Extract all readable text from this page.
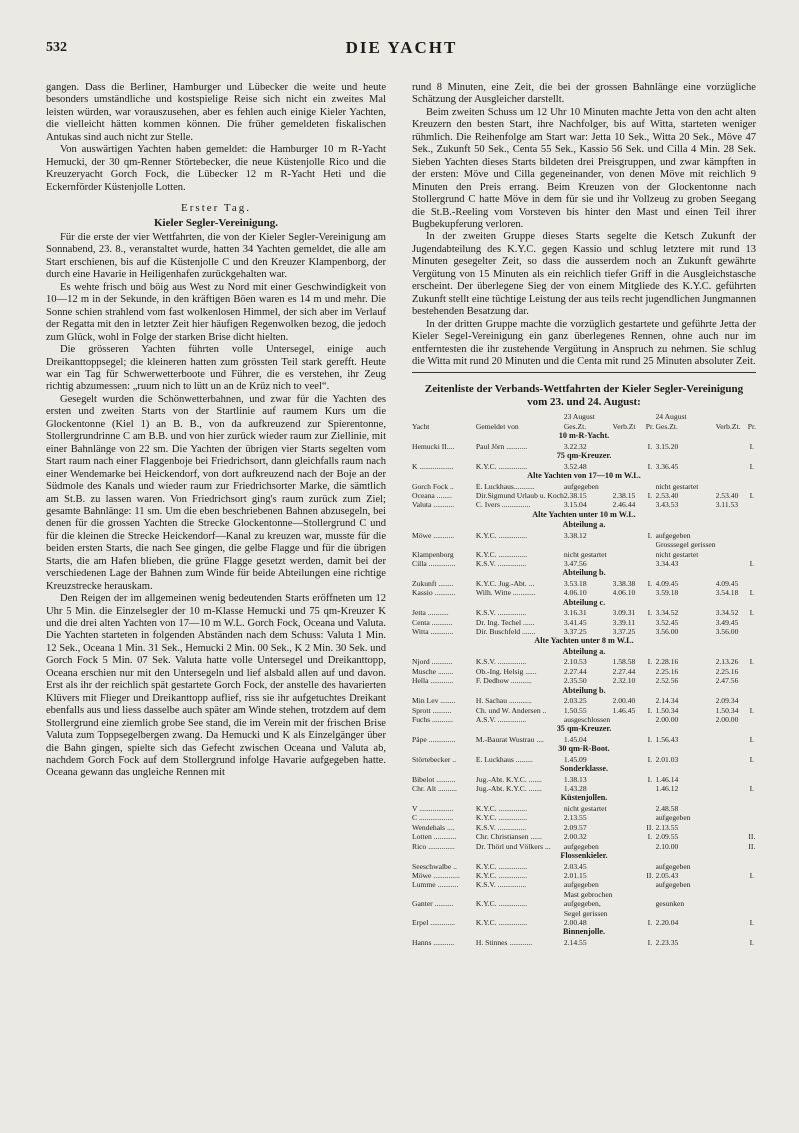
532	DIE YACHT

gangen. Dass die Berliner, Hamburger und Lübecker die weite und heute besonders umständliche und kostspielige Reise sich nicht ein zweites Mal leisten würden, war vorauszusehen, aber es fehlen auch einige Kieler Yachten, die vielleicht hätten kommen können. Die früher gemeldeten fiskalischen Antukas sind auch nicht zur Stelle.

Von auswärtigen Yachten haben gemeldet: die Hamburger 10 m R-Yacht Hemucki, der 30 qm-Renner Störtebecker, die neue Küstenjolle Rico und die Kreuzeryacht Gorch Fock, die Lübecker 12 m R-Yacht Heti und die Eckernförder Küstenjolle Lotten.

Erster Tag.
Kieler Segler-Vereinigung.

Für die erste der vier Wettfahrten, die von der Kieler Segler-Vereinigung am Sonnabend, 23. 8., veranstaltet wurde, hatten 34 Yachten gemeldet, die alle am Start erschienen, bis auf die Küstenjolle C und den Kreuzer Klampenborg, der durch eine Havarie in Heiligenhafen zurückgehalten war.

Es wehte frisch und böig aus West zu Nord mit einer Geschwindigkeit von 10—12 m in der Sekunde, in den kräftigen Böen waren es 14 m und mehr. Die Sonne schien strahlend vom fast wolkenlosen Himmel, der sich aber im Verlauf der Regatta mit den in letzter Zeit hier häufigen Regenwolken bezog, die jedoch zum Glück, wohl in Folge der starken Brise dicht hielten.

Die grösseren Yachten führten volle Untersegel, einige auch Dreikanttoppsegel; die kleineren hatten zum grössten Teil stark gerefft. Heute war ein Tag für Schwerwetterboote und Führer, die es verstehen, ihr Zeug richtig abzumessen: „ruum nich to lütt un an de Krüz nich to veel“.

Gesegelt wurden die Schönwetterbahnen, und zwar für die Yachten des ersten und zweiten Starts von der Startlinie auf raumem Kurs um die Glockentonne (Kiel 1) an B. B., von da aufkreuzend zur Spierentonne, Stollergrundrinne C am B.B. und von hier zurück wieder raum zur Ziellinie, mit einer Bahnlänge von 22 sm. Die Yachten der übrigen vier Starts segelten vom Start raum nach einer Flaggenboje bei Friedrichsort, dann gleichfalls raum nach einer Wendemarke bei Heickendorf, von dort aufkreuzend nach der Boje an der Südmole des Kanals und wieder raum zur Friedrichsorter Marke, die sämtlich am St.B. zu lassen waren. Von Friedrichsort ging's raum zurück zum Ziel; gesamte Bahnlänge: 11 sm. Um die eben beschriebenen Bahnen abzusegeln, bei denen für die grossen Yachten die Strecke Glockentonne—Stollergrund C und für die kleinen die Strecke Heickendorf—Kanal zu kreuzen war, musste für die beiden ersten Starts, die nach See gingen, die gelbe Flagge und für die übrigen Starts, die am Hafen blieben, die grüne Flagge gesetzt werden, damit bei der verschiedenen Lage der Bahnen zum Winde für beide Abteilungen eine richtige Kreuzstrecke herauskam.

Den Reigen der im allgemeinen wenig bedeutenden Starts eröffneten um 12 Uhr 5 Min. die Einzelsegler der 10 m-Klasse Hemucki und 75 qm-Kreuzer K und die drei alten Yachten von 17—10 m W.L. Gorch Fock, Oceana und Valuta. Die Yachten starteten in folgenden Abständen nach dem Schuss: Valuta 1 Min. 12 Sek., Oceana 1 Min. 31 Sek., Hemucki 2 Min. 00 Sek., K 2 Min. 30 Sek. und Gorch Fock 5 Min. 07 Sek. Valuta hatte volle Untersegel und Dreikanttopp, Oceana erschien nur mit den Untersegeln und lief alsbald allen auf und davon. Erst als ihr der reichlich spät gestartete Gorch Fock, der anstelle des havarierten Klüvers mit Flieger und Dreikanttopp auflief, riss sie ihr aufgetuchtes Dreikant ebenfalls aus und liess dasselbe auch später am Winde stehen, trotzdem auf dem Stollergrund eine ziemlich grobe See stand, die im Verein mit der frischen Brise Valuta zum Toppsegelbergen zwang. Da Hemucki und K als Einzelgänger über die Bahn gingen, spielte sich das Gefecht zwischen Oceana und Valuta ab, nachdem Gorch Fock auf dem Stollergrund infolge Havarie aufgegeben hatte. Oceana gewann das ungleiche Rennen mit

rund 8 Minuten, eine Zeit, die bei der grossen Bahnlänge eine vorzügliche Schätzung der Ausgleicher darstellt.

Beim zweiten Schuss um 12 Uhr 10 Minuten machte Jetta von den acht alten Kreuzern den besten Start, ihre Nachfolger, bis auf Witta, starteten weniger rühmlich. Die Reihenfolge am Start war: Jetta 10 Sek., Witta 20 Sek., Möve 47 Sek., Zukunft 50 Sek., Centa 55 Sek., Kassio 56 Sek. und Cilla 4 Min. 28 Sek. Sieben Yachten dieses Starts bildeten drei Preisgruppen, und zwar kämpften in der ersten: Möve und Cilla gegeneinander, von denen Möve mit reichlich 9 Minuten den Preis errang. Beim Kreuzen von der Glockentonne nach Stollergrund C hatte Möve in dem für sie und ihr Vollzeug zu groben Seegang die St.B.-Reeling vom Vorsteven bis hinter den Mast und einen Teil ihrer Bugbekupferung verloren.

In der zweiten Gruppe dieses Starts segelte die Ketsch Zukunft der Jugendabteilung des K.Y.C. gegen Kassio und schlug letztere mit rund 13 Minuten gesegelter Zeit, so dass die ausserdem noch an Zukunft gewährte Vergütung von 15 Minuten als ein reichlich tiefer Griff in die Ausgleichstasche erscheint. Der überlegene Sieg der von einem Mitgliede des K.Y.C. geführten Zukunft stellt eine tüchtige Leistung der aus teils recht jugendlichen Jungmannen bestehenden Besatzung dar.

In der dritten Gruppe machte die vorzüglich gestartete und geführte Jetta der Kieler Segel-Vereinigung ein ganz überlegenes Rennen, ohne auch nur im entferntesten die ihr zustehende Vergütung in Anspruch zu nehmen. Sie schlug die Witta mit rund 20 Minuten und die Centa mit rund 25 Minuten absoluter Zeit.

Zeitenliste der Verbands-Wettfahrten der Kieler Segler-Vereinigung
vom 23. und 24. August:
		23 August			24 August		
Yacht	Gemeldet von	Ges.Zt.	Verb.Zt	Pr.	Ges.Zt.	Verb.Zt.	Pr.
10 m-R-Yacht.							
Hemucki II....	Paul Jörn ...........	3.22.32		I.	3.15.20		I.
75 qm-Kreuzer.							
K ..................	K.Y.C. ...............	3.52.48		I.	3.36.45		I.
Alte Yachten von 17—10 m W.L.							
Gorch Fock ..	E. Luckhaus...........	aufgegeben			nicht gestartet		
Oceana ........	Dir.Sigmund Urlaub u. Koch	2.38.15	2.38.15	I.	2.53.40	2.53.40	I.
Valuta ...........	C. Ivers ...............	3.15.04	2.46.44		3.43.53	3.11.53	
Alte Yachten unter 10 m W.L.							
Abteilung a.							
Möwe ...........	K.Y.C. ...............	3.38.12		I.	aufgegeben		
					Grosssegel gerissen		
Klampenborg	K.Y.C. ...............	nicht gestartet			nicht gestartet		
Cilla ..............	K.S.V. ...............	3.47.56			3.34.43		I.
Abteilung b.							
Zukunft ........	K.Y.C. Jug.-Abt. ...	3.53.18	3.38.38	I.	4.09.45	4.09.45	
Kassio ...........	Wilh. Witte ............	4.06.10	4.06.10		3.59.18	3.54.18	I.
Abteilung c.							
Jetta ...........	K.S.V. ...............	3.16.31	3.09.31	I.	3.34.52	3.34.52	I.
Centa ...........	Dr. Ing. Techel ......	3.41.45	3.39.11		3.52.45	3.49.45	
Witta ............	Dir. Buschfeld .......	3.37.25	3.37.25		3.56.00	3.56.00	
Alte Yachten unter 8 m W.L.							
Abteilung a.							
Njord ...........	K.S.V. ...............	2.10.53	1.58.58	I.	2.28.16	2.13.26	I.
Musche ........	Ob.-Ing. Helsig ......	2.27.44	2.27.44		2.25.16	2.25.16	
Hella ............	F. Dedhow ...........	2.35.50	2.32.10		2.52.56	2.47.56	
Abteilung b.							
Min Lev ........	H. Sachau ............	2.03.25	2.00.40		2.14.34	2.09.34	
Sprott ..........	Ch. und W. Andersen ..	1.50.55	1.46.45	I.	1.50.34	1.50.34	I.
Fuchs ...........	A.S.V. ...............	ausgeschlossen			2.00.00	2.00.00	
35 qm-Kreuzer.							
Päpe ..............	M.-Baurat Wustrau ....	1.45.04		I.	1.56.43		I.
30 qm-R-Boot.							
Störtebecker ..	E. Luckhaus .........	1.45.09		I.	2.01.03		I.
Sonderklasse.							
Bibelot ..........	Jug.-Abt. K.Y.C. .......	1.38.13		I.	1.46.14		
Chr. Alt ..........	Jug.-Abt. K.Y.C. .......	1.43.28			1.46.12		I.
Küstenjollen.							
V ..................	K.Y.C. ...............	nicht gestartet			2.48.58		
C ..................	K.Y.C. ...............	2.13.55			aufgegeben		
Wendehals ....	K.S.V. ...............	2.09.57		II.	2.13.55		
Lotten ............	Chr. Christiansen ......	2.00.32		I.	2.09.55		II.
Rico ..............	Dr. Thörl und Völkers ...	aufgegeben			2.10.00		II.
Flossenkieler.							
Seeschwalbe ..	K.Y.C. ...............	2.03.45			aufgegeben		
Möwe ..............	K.Y.C. ...............	2.01.15		II.	2.05.43		I.
Lumme ...........	K.S.V. ...............	aufgegeben			aufgegeben		
		Mast gebrochen					
Ganter ..........	K.Y.C. ...............	aufgegeben,			gesunken		
		Segel gerissen					
Erpel .............	K.Y.C. ...............	2.00.48		I.	2.20.04		I.
Binnenjolle.							
Hanns ...........	H. Stinnes ............	2.14.55		I.	2.23.35		I.
